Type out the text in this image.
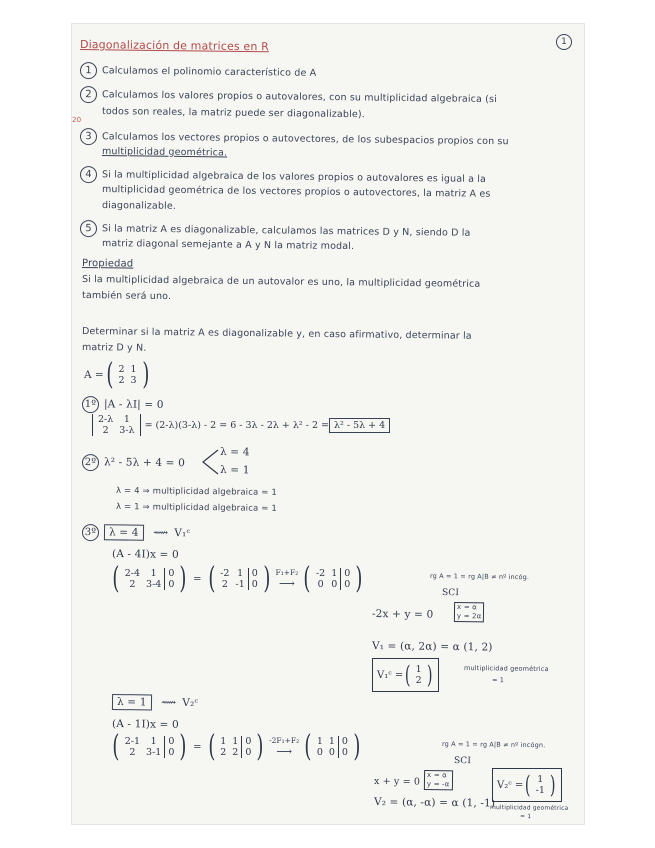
1
Diagonalización de matrices en R
1 Calculamos el polinomio característico de A
2 Calculamos los valores propios o autovalores, con su multiplicidad algebraica (si
todos son reales, la matriz puede ser diagonalizable).
20
3 Calculamos los vectores propios o autovectores, de los subespacios propios con su
multiplicidad geométrica.
4 Si la multiplicidad algebraica de los valores propios o autovalores es igual a la
multiplicidad geométrica de los vectores propios o autovectores, la matriz A es
diagonalizable.
5 Si la matriz A es diagonalizable, calculamos las matrices D y N, siendo D la
matriz diagonal semejante a A y N la matriz modal.
Propiedad
Si la multiplicidad algebraica de un autovalor es uno, la multiplicidad geométrica
también será uno.
Determinar si la matriz A es diagonalizable y, en caso afirmativo, determinar la
matriz D y N.
A = ( 2	1
2	3 )
1º |A - λI| = 0
2-λ	1
2	3-λ = (2-λ)(3-λ) - 2 = 6 - 3λ - 2λ + λ² - 2 = λ² - 5λ + 4
2º λ² - 5λ + 4 = 0
λ = 4
λ = 1
λ = 4 ⇒ multiplicidad algebraica = 1
λ = 1 ⇒ multiplicidad algebraica = 1
3º λ = 4 ⟿ V₁ᶜ
(A - 4I)x = 0
( 2-4	1	0
2	3-4	0 ) = ( -2	1	0
2	-1	0 ) F₁+F₂
⟶ ( -2	1	0
0	0	0 )	rg A = 1 = rg A|B ≠ nº incóg.
SCI
-2x + y = 0
x = α
y = 2α
V₁ = (α, 2α) = α (1, 2)
V₁ᶜ = ( 1
2 )	multiplicidad geométrica
= 1
λ = 1 ⟿ V₂ᶜ
(A - 1I)x = 0
( 2-1	1	0
2	3-1	0 ) = ( 1	1	0
2	2	0 ) -2F₁+F₂
⟶ ( 1	1	0
0	0	0 )	rg A = 1 = rg A|B ≠ nº incógn.
SCI
x + y = 0
x = α
y = -α
V₂ = (α, -α) = α (1, -1)
V₂ᶜ = ( 1
-1 )
multiplicidad geométrica
= 1
